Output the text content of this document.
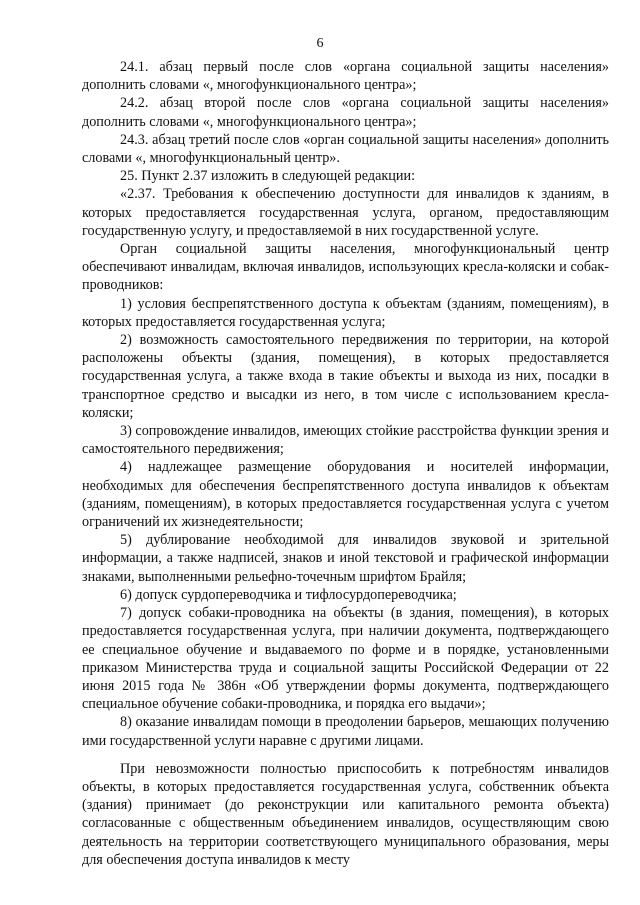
6

24.1. абзац первый после слов «органа социальной защиты населения» дополнить словами «, многофункционального центра»;

24.2. абзац второй после слов «органа социальной защиты населения» дополнить словами «, многофункционального центра»;

24.3. абзац третий после слов «орган социальной защиты населения» дополнить словами «, многофункциональный центр».

25. Пункт 2.37 изложить в следующей редакции:

«2.37. Требования к обеспечению доступности для инвалидов к зданиям, в которых предоставляется государственная услуга, органом, предоставляющим государственную услугу, и предоставляемой в них государственной услуге.

Орган социальной защиты населения, многофункциональный центр обеспечивают инвалидам, включая инвалидов, использующих кресла-коляски и собак-проводников:

1) условия беспрепятственного доступа к объектам (зданиям, помещениям), в которых предоставляется государственная услуга;

2) возможность самостоятельного передвижения по территории, на которой расположены объекты (здания, помещения), в которых предоставляется государственная услуга, а также входа в такие объекты и выхода из них, посадки в транспортное средство и высадки из него, в том числе с использованием кресла-коляски;

3) сопровождение инвалидов, имеющих стойкие расстройства функции зрения и самостоятельного передвижения;

4) надлежащее размещение оборудования и носителей информации, необходимых для обеспечения беспрепятственного доступа инвалидов к объектам (зданиям, помещениям), в которых предоставляется государственная услуга с учетом ограничений их жизнедеятельности;

5) дублирование необходимой для инвалидов звуковой и зрительной информации, а также надписей, знаков и иной текстовой и графической информации знаками, выполненными рельефно-точечным шрифтом Брайля;

6) допуск сурдопереводчика и тифлосурдопереводчика;

7) допуск собаки-проводника на объекты (в здания, помещения), в которых предоставляется государственная услуга, при наличии документа, подтверждающего ее специальное обучение и выдаваемого по форме и в порядке, установленными приказом Министерства труда и социальной защиты Российской Федерации от 22 июня 2015 года № 386н «Об утверждении формы документа, подтверждающего специальное обучение собаки-проводника, и порядка его выдачи»;

8) оказание инвалидам помощи в преодолении барьеров, мешающих получению ими государственной услуги наравне с другими лицами.

При невозможности полностью приспособить к потребностям инвалидов объекты, в которых предоставляется государственная услуга, собственник объекта (здания) принимает (до реконструкции или капитального ремонта объекта) согласованные с общественным объединением инвалидов, осуществляющим свою деятельность на территории соответствующего муниципального образования, меры для обеспечения доступа инвалидов к месту
